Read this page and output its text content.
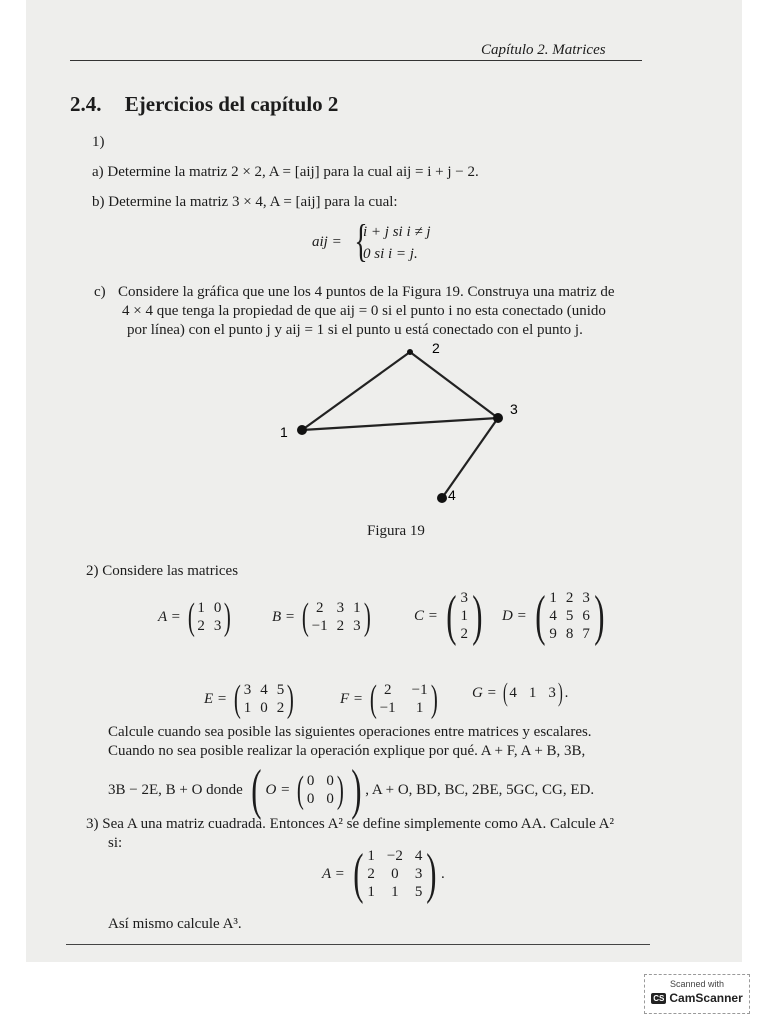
Capítulo 2. Matrices
2.4. Ejercicios del capítulo 2
1)
a) Determine la matriz 2 × 2, A = [aij] para la cual aij = i + j − 2.
b) Determine la matriz 3 × 4, A = [aij] para la cual:
aij = {
i + j si i ≠ j
0 si i = j.
c) Considere la gráfica que une los 4 puntos de la Figura 19. Construya una matriz de
4 × 4 que tenga la propiedad de que aij = 0 si el punto i no esta conectado (unido
por línea) con el punto j y aij = 1 si el punto u está conectado con el punto j.
1
2
3
4
Figura 19
2) Considere las matrices
A = ( 1 0
2 3 )	B = ( 2 3 1
−1 2 3 )	C = ( 3
1
2 ) D = ( 1 2 3
4 5 6
9 8 7 )
E = ( 3 4 5
1 0 2 )	F = ( 2 −1
−1 1 ) G = ( 4 1 3 ) .
Calcule cuando sea posible las siguientes operaciones entre matrices y escalares.
Cuando no sea posible realizar la operación explique por qué. A + F, A + B, 3B,
3B − 2E, B + O donde ( O = ( 0 0
0 0 ) ) , A + O, BD, BC, 2BE, 5GC, CG, ED.
3) Sea A una matriz cuadrada. Entonces A² se define simplemente como AA. Calcule A²
si:
A = ( 1 −2 4
2 0 3
1 1 5 ) .
Así mismo calcule A³.
Scanned with
CS CamScanner
